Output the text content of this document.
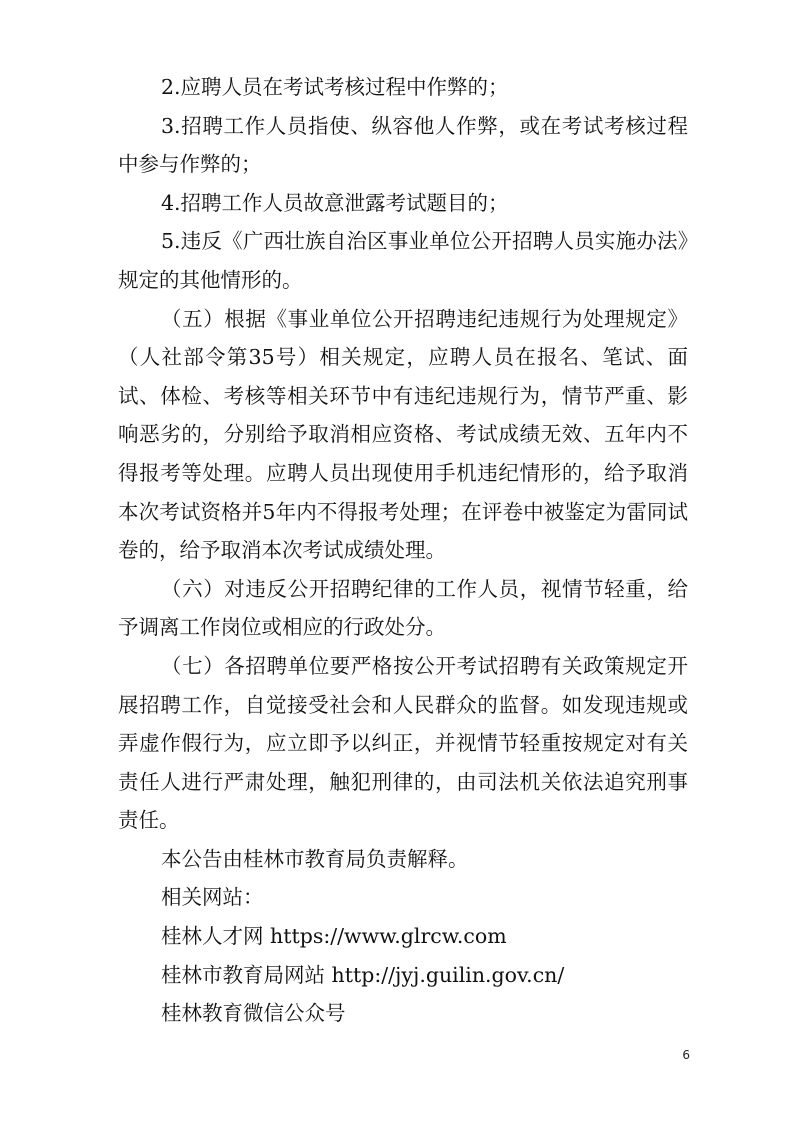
2.应聘人员在考试考核过程中作弊的；

3.招聘工作人员指使、纵容他人作弊，或在考试考核过程中参与作弊的；

4.招聘工作人员故意泄露考试题目的；

5.违反《广西壮族自治区事业单位公开招聘人员实施办法》规定的其他情形的。

（五）根据《事业单位公开招聘违纪违规行为处理规定》（人社部令第35号）相关规定，应聘人员在报名、笔试、面试、体检、考核等相关环节中有违纪违规行为，情节严重、影响恶劣的，分别给予取消相应资格、考试成绩无效、五年内不得报考等处理。应聘人员出现使用手机违纪情形的，给予取消本次考试资格并5年内不得报考处理；在评卷中被鉴定为雷同试卷的，给予取消本次考试成绩处理。

（六）对违反公开招聘纪律的工作人员，视情节轻重，给予调离工作岗位或相应的行政处分。

（七）各招聘单位要严格按公开考试招聘有关政策规定开展招聘工作，自觉接受社会和人民群众的监督。如发现违规或弄虚作假行为，应立即予以纠正，并视情节轻重按规定对有关责任人进行严肃处理，触犯刑律的，由司法机关依法追究刑事责任。

本公告由桂林市教育局负责解释。

相关网站：

桂林人才网 https://www.glrcw.com

桂林市教育局网站 http://jyj.guilin.gov.cn/

桂林教育微信公众号

6
